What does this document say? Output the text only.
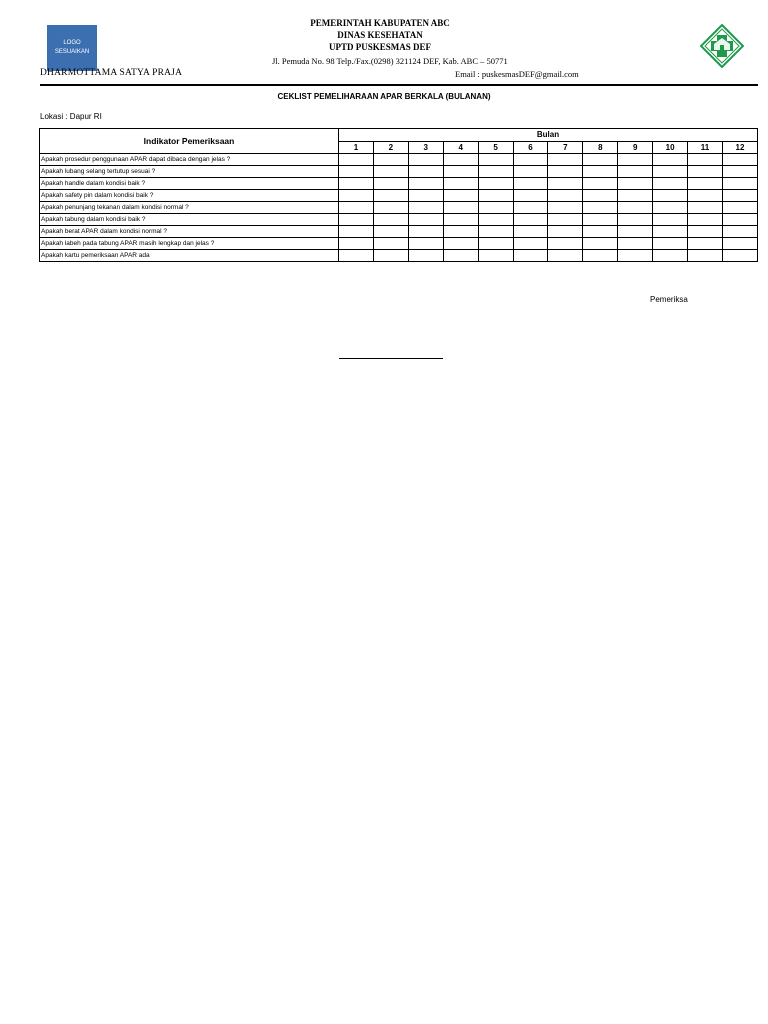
LOGO
SESUAIKAN
DHARMOTTAMA SATYA PRAJA
PEMERINTAH KABUPATEN ABC
DINAS KESEHATAN
UPTD PUSKESMAS DEF
Jl. Pemuda No. 98 Telp./Fax.(0298) 321124 DEF, Kab. ABC – 50771
Email : puskesmasDEF@gmail.com
CEKLIST PEMELIHARAAN APAR BERKALA (BULANAN)
Lokasi : Dapur RI
Indikator Pemeriksaan	Bulan											
	1	2	3	4	5	6	7	8	9	10	11	12
Apakah prosedur penggunaan APAR dapat dibaca dengan jelas ?												
Apakah lubang selang tertutup sesuai ?												
Apakah handle dalam kondisi baik ?												
Apakah safety pin dalam kondisi baik ?												
Apakah penunjang tekanan dalam kondisi normal ?												
Apakah tabung dalam kondisi baik ?												
Apakah berat APAR dalam kondisi normal ?												
Apakah labeh pada tabung APAR masih lengkap dan jelas ?												
Apakah kartu pemeriksaan APAR ada												
Pemeriksa
